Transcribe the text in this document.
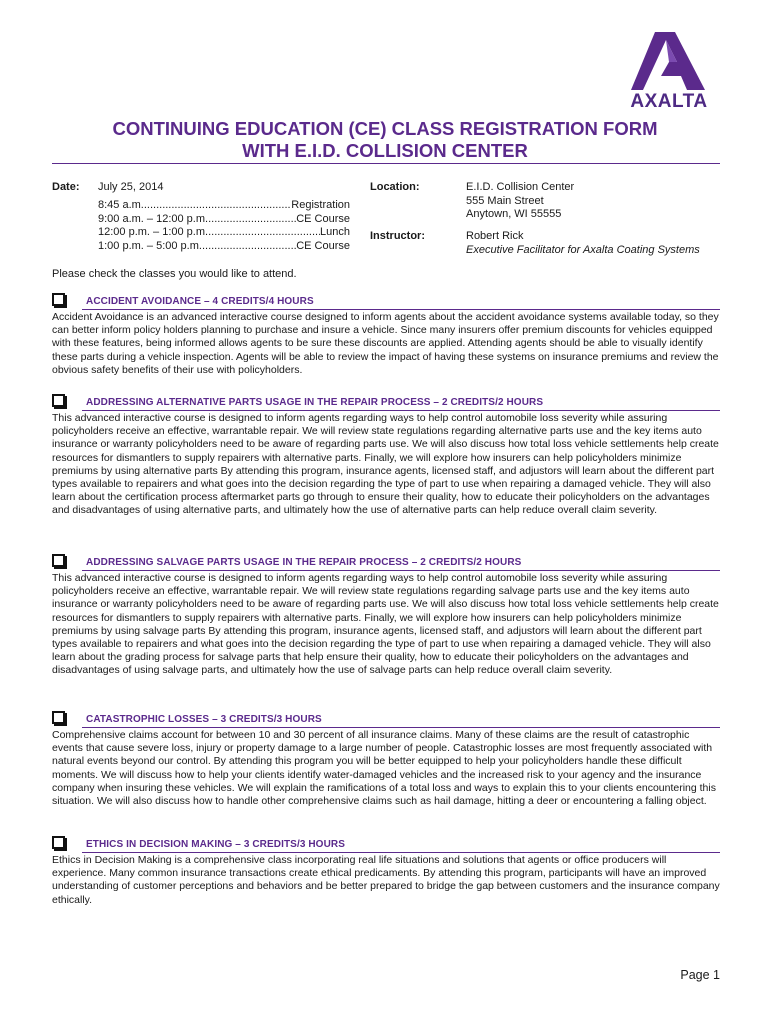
AXALTA
CONTINUING EDUCATION (CE) CLASS REGISTRATION FORM
WITH E.I.D. COLLISION CENTER
Date: July 25, 2014
8:45 a.m. .....	Registration
9:00 a.m. – 12:00 p.m. .....	CE Course
12:00 p.m. – 1:00 p.m. .....	Lunch
1:00 p.m. – 5:00 p.m. .....	CE Course
Location:	E.I.D. Collision Center
555 Main Street
Anytown, WI 55555
Instructor:	Robert Rick
Executive Facilitator for Axalta Coating Systems
Please check the classes you would like to attend.
ACCIDENT AVOIDANCE – 4 CREDITS/4 HOURS
Accident Avoidance is an advanced interactive course designed to inform agents about the accident avoidance systems available today, so they can better inform policy holders planning to purchase and insure a vehicle. Since many insurers offer premium discounts for vehicles equipped with these features, being informed allows agents to be sure these discounts are applied. Attending agents should be able to visually identify these parts during a vehicle inspection. Agents will be able to review the impact of having these systems on insurance premiums and review the obvious safety benefits of their use with policyholders.
ADDRESSING ALTERNATIVE PARTS USAGE IN THE REPAIR PROCESS – 2 CREDITS/2 HOURS
This advanced interactive course is designed to inform agents regarding ways to help control automobile loss severity while assuring policyholders receive an effective, warrantable repair. We will review state regulations regarding alternative parts use and the key items auto insurance or warranty policyholders need to be aware of regarding parts use. We will also discuss how total loss vehicle settlements help create resources for dismantlers to supply repairers with alternative parts. Finally, we will explore how insurers can help policyholders minimize premiums by using alternative parts By attending this program, insurance agents, licensed staff, and adjustors will learn about the different part types available to repairers and what goes into the decision regarding the type of part to use when repairing a damaged vehicle. They will also learn about the certification process aftermarket parts go through to ensure their quality, how to educate their policyholders on the advantages and disadvantages of using alternative parts, and ultimately how the use of alternative parts can help reduce overall claim severity.
ADDRESSING SALVAGE PARTS USAGE IN THE REPAIR PROCESS – 2 CREDITS/2 HOURS
This advanced interactive course is designed to inform agents regarding ways to help control automobile loss severity while assuring policyholders receive an effective, warrantable repair. We will review state regulations regarding salvage parts use and the key items auto insurance or warranty policyholders need to be aware of regarding parts use. We will also discuss how total loss vehicle settlements help create resources for dismantlers to supply repairers with alternative parts. Finally, we will explore how insurers can help policyholders minimize premiums by using salvage parts By attending this program, insurance agents, licensed staff, and adjustors will learn about the different part types available to repairers and what goes into the decision regarding the type of part to use when repairing a damaged vehicle. They will also learn about the grading process for salvage parts that help ensure their quality, how to educate their policyholders on the advantages and disadvantages of using salvage parts, and ultimately how the use of salvage parts can help reduce overall claim severity.
CATASTROPHIC LOSSES – 3 CREDITS/3 HOURS
Comprehensive claims account for between 10 and 30 percent of all insurance claims. Many of these claims are the result of catastrophic events that cause severe loss, injury or property damage to a large number of people. Catastrophic losses are most frequently associated with natural events beyond our control. By attending this program you will be better equipped to help your policyholders handle these difficult moments. We will discuss how to help your clients identify water-damaged vehicles and the increased risk to your agency and the insurance company when insuring these vehicles. We will explain the ramifications of a total loss and ways to explain this to your clients encountering this situation. We will also discuss how to handle other comprehensive claims such as hail damage, hitting a deer or encountering a falling object.
ETHICS IN DECISION MAKING – 3 CREDITS/3 HOURS
Ethics in Decision Making is a comprehensive class incorporating real life situations and solutions that agents or office producers will experience. Many common insurance transactions create ethical predicaments. By attending this program, participants will have an improved understanding of customer perceptions and behaviors and be better prepared to bridge the gap between customers and the insurance company ethically.
Page 1
